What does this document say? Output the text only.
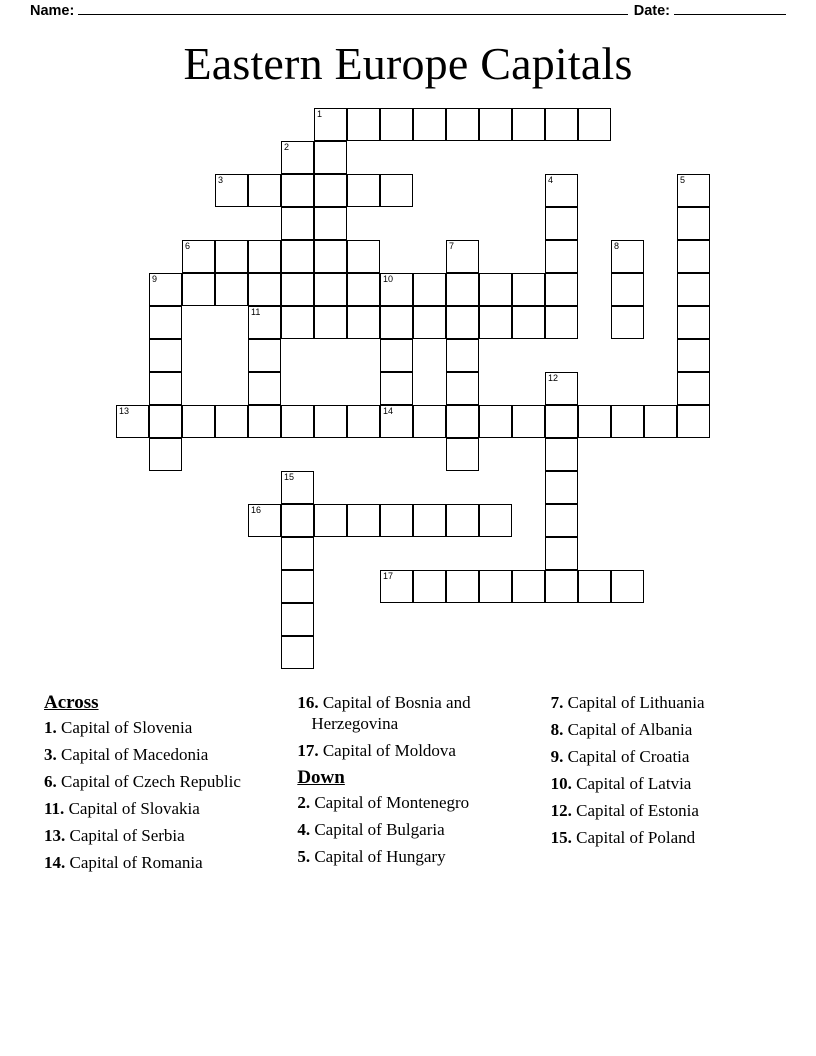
Name:	Date:
Eastern Europe Capitals
1
2
3	4	5
6	7	8
9	10
11
12
13	14
15
16
17
Across
1. Capital of Slovenia
3. Capital of Macedonia
6. Capital of Czech Republic
11. Capital of Slovakia
13. Capital of Serbia
14. Capital of Romania
16. Capital of Bosnia and Herzegovina
17. Capital of Moldova
Down
2. Capital of Montenegro
4. Capital of Bulgaria
5. Capital of Hungary
7. Capital of Lithuania
8. Capital of Albania
9. Capital of Croatia
10. Capital of Latvia
12. Capital of Estonia
15. Capital of Poland
